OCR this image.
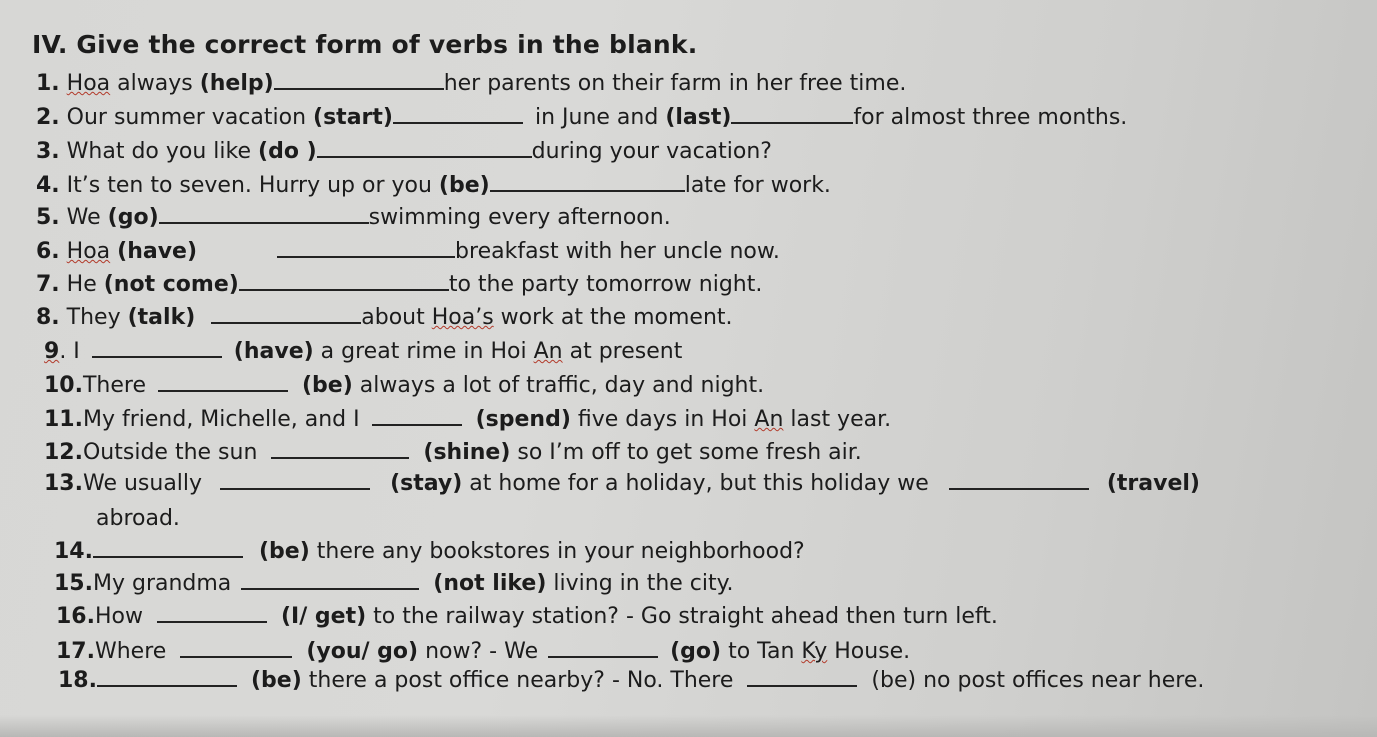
IV. Give the correct form of verbs in the blank.
1. Hoa always (help)	her parents on their farm in her free time.
2. Our summer vacation (start)	in June and (last)	for almost three months.
3. What do you like (do )	during your vacation?
4. It’s ten to seven. Hurry up or you (be)	late for work.
5. We (go)	swimming every afternoon.
6. Hoa (have)	breakfast with her uncle now.
7. He (not come)	to the party tomorrow night.
8. They (talk)	about Hoa’s work at the moment.
9. I	(have) a great rime in Hoi An at present
10.There	(be) always a lot of traffic, day and night.
11.My friend, Michelle, and I	(spend) five days in Hoi An last year.
12.Outside the sun	(shine) so I’m off to get some fresh air.
13.We usually	(stay) at home for a holiday, but this holiday we	(travel)
abroad.
14.	(be) there any bookstores in your neighborhood?
15.My grandma	(not like) living in the city.
16.How	(I/ get) to the railway station? - Go straight ahead then turn left.
17.Where	(you/ go) now? - We	(go) to Tan Ky House.
18.	(be) there a post office nearby? - No. There	(be) no post offices near here.
